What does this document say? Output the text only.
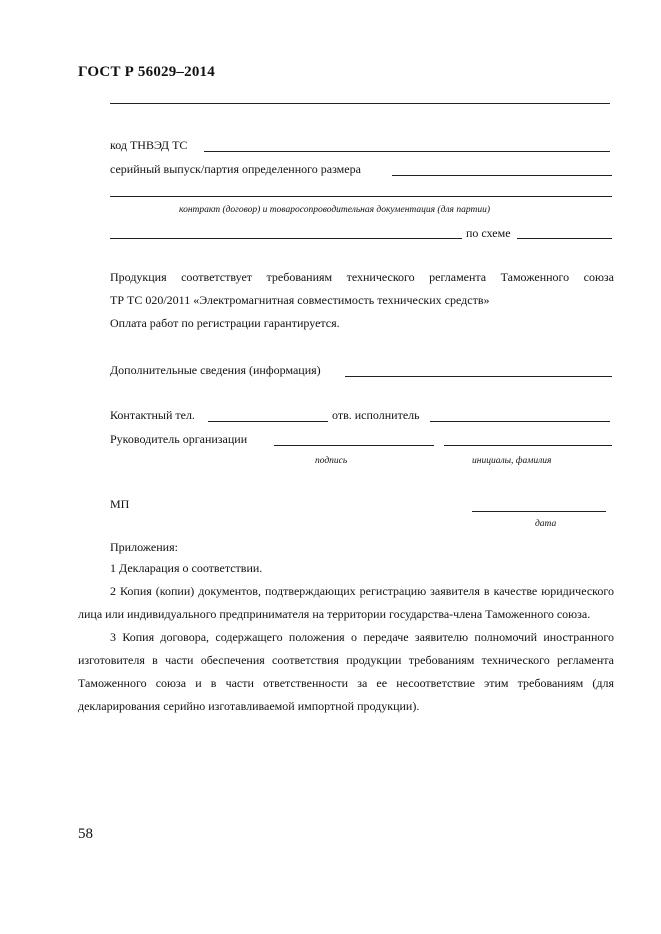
ГОСТ Р 56029–2014
код ТНВЭД ТС
серийный выпуск/партия определенного размера
контракт (договор) и товаросопроводительная документация (для партии)
по схеме
Продукция соответствует требованиям технического регламента Таможенного союза
ТР ТС 020/2011 «Электромагнитная совместимость технических средств»
Оплата работ по регистрации гарантируется.
Дополнительные сведения (информация)
Контактный тел.	отв. исполнитель
Руководитель организации
подпись	инициалы, фамилия
МП
дата
Приложения:

1 Декларация о соответствии.

2 Копия (копии) документов, подтверждающих регистрацию заявителя в качестве юридического лица или индивидуального предпринимателя на территории государства-члена Таможенного союза.

3 Копия договора, содержащего положения о передаче заявителю полномочий иностранного изготовителя в части обеспечения соответствия продукции требованиям технического регламента Таможенного союза и в части ответственности за ее несоответствие этим требованиям (для декларирования серийно изготавливаемой импортной продукции).

58
